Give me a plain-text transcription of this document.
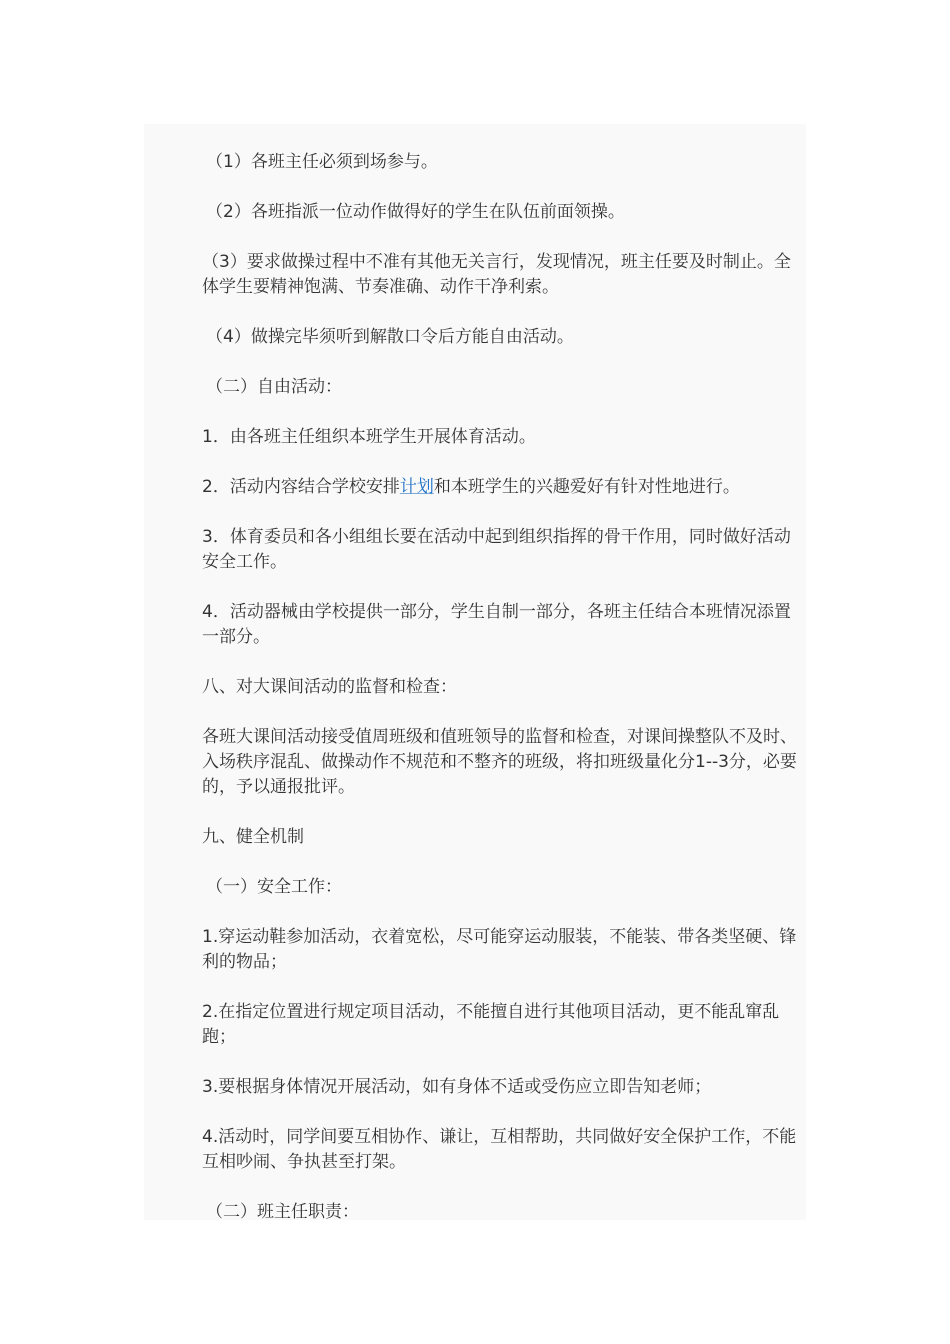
（1）各班主任必须到场参与。

（2）各班指派一位动作做得好的学生在队伍前面领操。

（3）要求做操过程中不准有其他无关言行，发现情况，班主任要及时制止。全体学生要精神饱满、节奏准确、动作干净利索。

（4）做操完毕须听到解散口令后方能自由活动。

（二）自由活动：

1．由各班主任组织本班学生开展体育活动。

2．活动内容结合学校安排计划和本班学生的兴趣爱好有针对性地进行。

3．体育委员和各小组组长要在活动中起到组织指挥的骨干作用，同时做好活动安全工作。

4．活动器械由学校提供一部分，学生自制一部分，各班主任结合本班情况添置一部分。

八、对大课间活动的监督和检查：

各班大课间活动接受值周班级和值班领导的监督和检查，对课间操整队不及时、入场秩序混乱、做操动作不规范和不整齐的班级，将扣班级量化分1--3分，必要的，予以通报批评。

九、健全机制

（一）安全工作：

1.穿运动鞋参加活动，衣着宽松，尽可能穿运动服装，不能装、带各类坚硬、锋利的物品；

2.在指定位置进行规定项目活动，不能擅自进行其他项目活动，更不能乱窜乱跑；

3.要根据身体情况开展活动，如有身体不适或受伤应立即告知老师；

4.活动时，同学间要互相协作、谦让，互相帮助，共同做好安全保护工作，不能互相吵闹、争执甚至打架。

（二）班主任职责：
